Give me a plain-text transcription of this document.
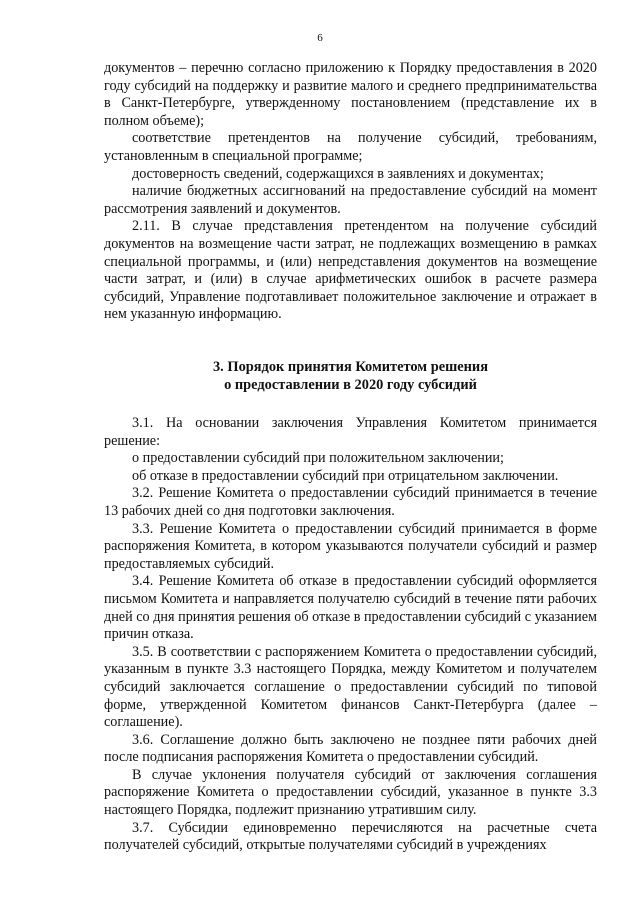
6

документов – перечню согласно приложению к Порядку предоставления в 2020 году субсидий на поддержку и развитие малого и среднего предпринимательства в Санкт-Петербурге, утвержденному постановлением (представление их в полном объеме);

соответствие претендентов на получение субсидий, требованиям, установленным в специальной программе;

достоверность сведений, содержащихся в заявлениях и документах;

наличие бюджетных ассигнований на предоставление субсидий на момент рассмотрения заявлений и документов.

2.11. В случае представления претендентом на получение субсидий документов на возмещение части затрат, не подлежащих возмещению в рамках специальной программы, и (или) непредставления документов на возмещение части затрат, и (или) в случае арифметических ошибок в расчете размера субсидий, Управление подготавливает положительное заключение и отражает в нем указанную информацию.

3. Порядок принятия Комитетом решения
о предоставлении в 2020 году субсидий

3.1. На основании заключения Управления Комитетом принимается решение:

о предоставлении субсидий при положительном заключении;

об отказе в предоставлении субсидий при отрицательном заключении.

3.2. Решение Комитета о предоставлении субсидий принимается в течение 13 рабочих дней со дня подготовки заключения.

3.3. Решение Комитета о предоставлении субсидий принимается в форме распоряжения Комитета, в котором указываются получатели субсидий и размер предоставляемых субсидий.

3.4. Решение Комитета об отказе в предоставлении субсидий оформляется письмом Комитета и направляется получателю субсидий в течение пяти рабочих дней со дня принятия решения об отказе в предоставлении субсидий с указанием причин отказа.

3.5. В соответствии с распоряжением Комитета о предоставлении субсидий, указанным в пункте 3.3 настоящего Порядка, между Комитетом и получателем субсидий заключается соглашение о предоставлении субсидий по типовой форме, утвержденной Комитетом финансов Санкт-Петербурга (далее – соглашение).

3.6. Соглашение должно быть заключено не позднее пяти рабочих дней после подписания распоряжения Комитета о предоставлении субсидий.

В случае уклонения получателя субсидий от заключения соглашения распоряжение Комитета о предоставлении субсидий, указанное в пункте 3.3 настоящего Порядка, подлежит признанию утратившим силу.

3.7. Субсидии единовременно перечисляются на расчетные счета получателей субсидий, открытые получателями субсидий в учреждениях
